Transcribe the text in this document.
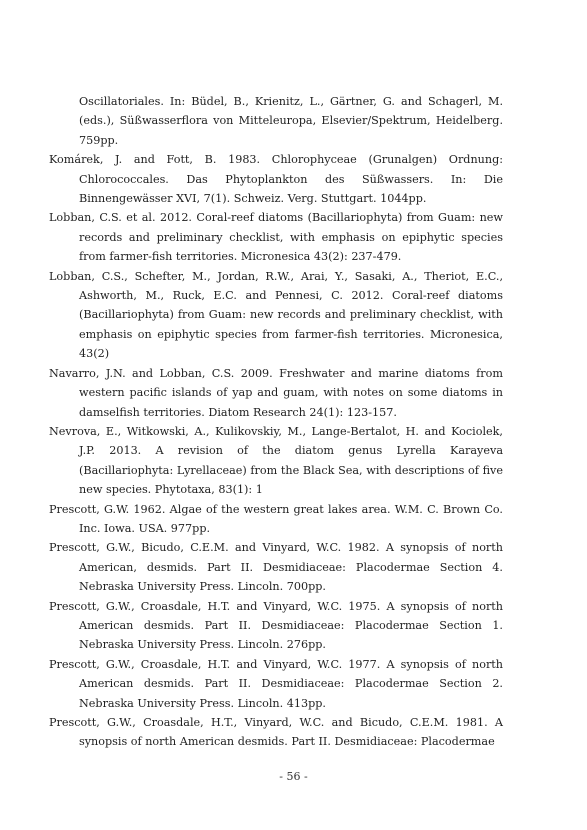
Oscillatoriales. In: Büdel, B., Krienitz, L., Gärtner, G. and Schagerl, M. (eds.), Süßwasserflora von Mitteleuropa, Elsevier/Spektrum, Heidelberg. 759pp.

Komárek, J. and Fott, B. 1983. Chlorophyceae (Grunalgen) Ordnung: Chlorococcales. Das Phytoplankton des Süßwassers. In: Die Binnengewässer XVI, 7(1). Schweiz. Verg. Stuttgart. 1044pp.

Lobban, C.S. et al. 2012. Coral-reef diatoms (Bacillariophyta) from Guam: new records and preliminary checklist, with emphasis on epiphytic species from farmer-fish territories. Micronesica 43(2): 237-479.

Lobban, C.S., Schefter, M., Jordan, R.W., Arai, Y., Sasaki, A., Theriot, E.C., Ashworth, M., Ruck, E.C. and Pennesi, C. 2012. Coral-reef diatoms (Bacillariophyta) from Guam: new records and preliminary checklist, with emphasis on epiphytic species from farmer-fish territories. Micronesica, 43(2)

Navarro, J.N. and Lobban, C.S. 2009. Freshwater and marine diatoms from western pacific islands of yap and guam, with notes on some diatoms in damselfish territories. Diatom Research 24(1): 123-157.

Nevrova, E., Witkowski, A., Kulikovskiy, M., Lange-Bertalot, H. and Kociolek, J.P. 2013. A revision of the diatom genus Lyrella Karayeva (Bacillariophyta: Lyrellaceae) from the Black Sea, with descriptions of five new species. Phytotaxa, 83(1): 1

Prescott, G.W. 1962. Algae of the western great lakes area. W.M. C. Brown Co. Inc. Iowa. USA. 977pp.

Prescott, G.W., Bicudo, C.E.M. and Vinyard, W.C. 1982. A synopsis of north American, desmids. Part II. Desmidiaceae: Placodermae Section 4. Nebraska University Press. Lincoln. 700pp.

Prescott, G.W., Croasdale, H.T. and Vinyard, W.C. 1975. A synopsis of north American desmids. Part II. Desmidiaceae: Placodermae Section 1. Nebraska University Press. Lincoln. 276pp.

Prescott, G.W., Croasdale, H.T. and Vinyard, W.C. 1977. A synopsis of north American desmids. Part II. Desmidiaceae: Placodermae Section 2. Nebraska University Press. Lincoln. 413pp.

Prescott, G.W., Croasdale, H.T., Vinyard, W.C. and Bicudo, C.E.M. 1981. A synopsis of north American desmids. Part II. Desmidiaceae: Placodermae

- 56 -
